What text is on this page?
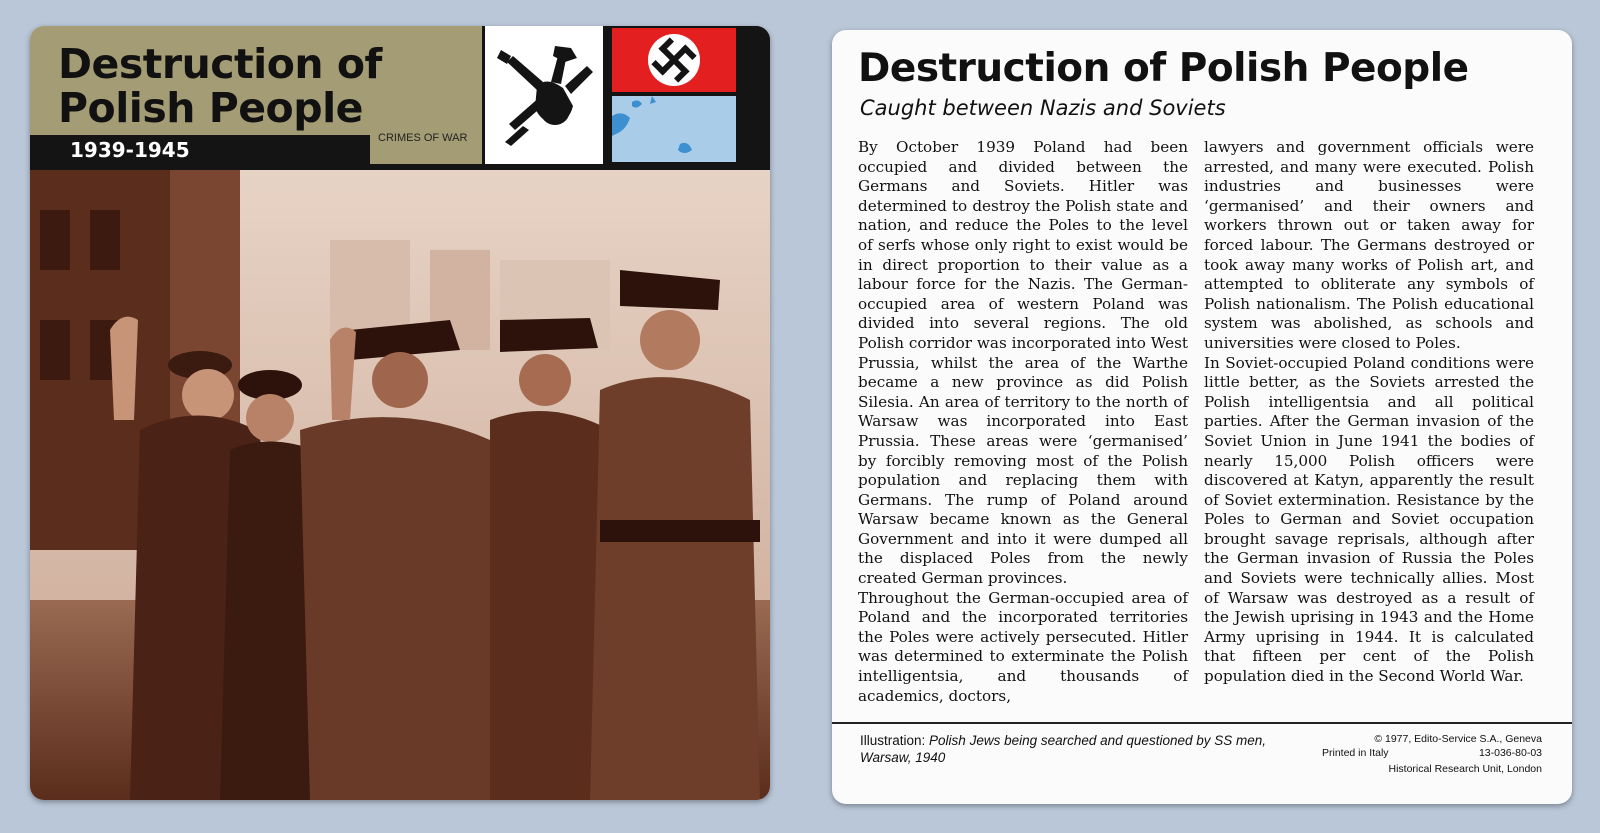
Destruction of
Polish People
1939-1945	CRIMES OF WAR
Destruction of Polish People

Caught between Nazis and Soviets

By October 1939 Poland had been occupied and divided between the Germans and Soviets. Hitler was determined to destroy the Polish state and nation, and reduce the Poles to the level of serfs whose only right to exist would be in direct proportion to their value as a labour force for the Nazis. The German-occupied area of western Poland was divided into several regions. The old Polish corridor was incorporated into West Prussia, whilst the area of the Warthe became a new province as did Polish Silesia. An area of territory to the north of Warsaw was incorporated into East Prussia. These areas were ‘germanised’ by forcibly removing most of the Polish population and replacing them with Germans. The rump of Poland around Warsaw became known as the General Government and into it were dumped all the displaced Poles from the newly created German provinces.

Throughout the German-occupied area of Poland and the incorporated territories the Poles were actively persecuted. Hitler was determined to exterminate the Polish intelligentsia, and thousands of academics, doctors,

lawyers and government officials were arrested, and many were executed. Polish industries and businesses were ‘germanised’ and their owners and workers thrown out or taken away for forced labour. The Germans destroyed or took away many works of Polish art, and attempted to obliterate any symbols of Polish nationalism. The Polish educational system was abolished, as schools and universities were closed to Poles.

In Soviet-occupied Poland conditions were little better, as the Soviets arrested the Polish intelligentsia and all political parties. After the German invasion of the Soviet Union in June 1941 the bodies of nearly 15,000 Polish officers were discovered at Katyn, apparently the result of Soviet extermination. Resistance by the Poles to German and Soviet occupation brought savage reprisals, although after the German invasion of Russia the Poles and Soviets were technically allies. Most of Warsaw was destroyed as a result of the Jewish uprising in 1943 and the Home Army uprising in 1944. It is calculated that fifteen per cent of the Polish population died in the Second World War.

Illustration: Polish Jews being searched and questioned by SS men, Warsaw, 1940
© 1977, Edito-Service S.A., Geneva
Printed in Italy	13-036-80-03
Historical Research Unit, London
